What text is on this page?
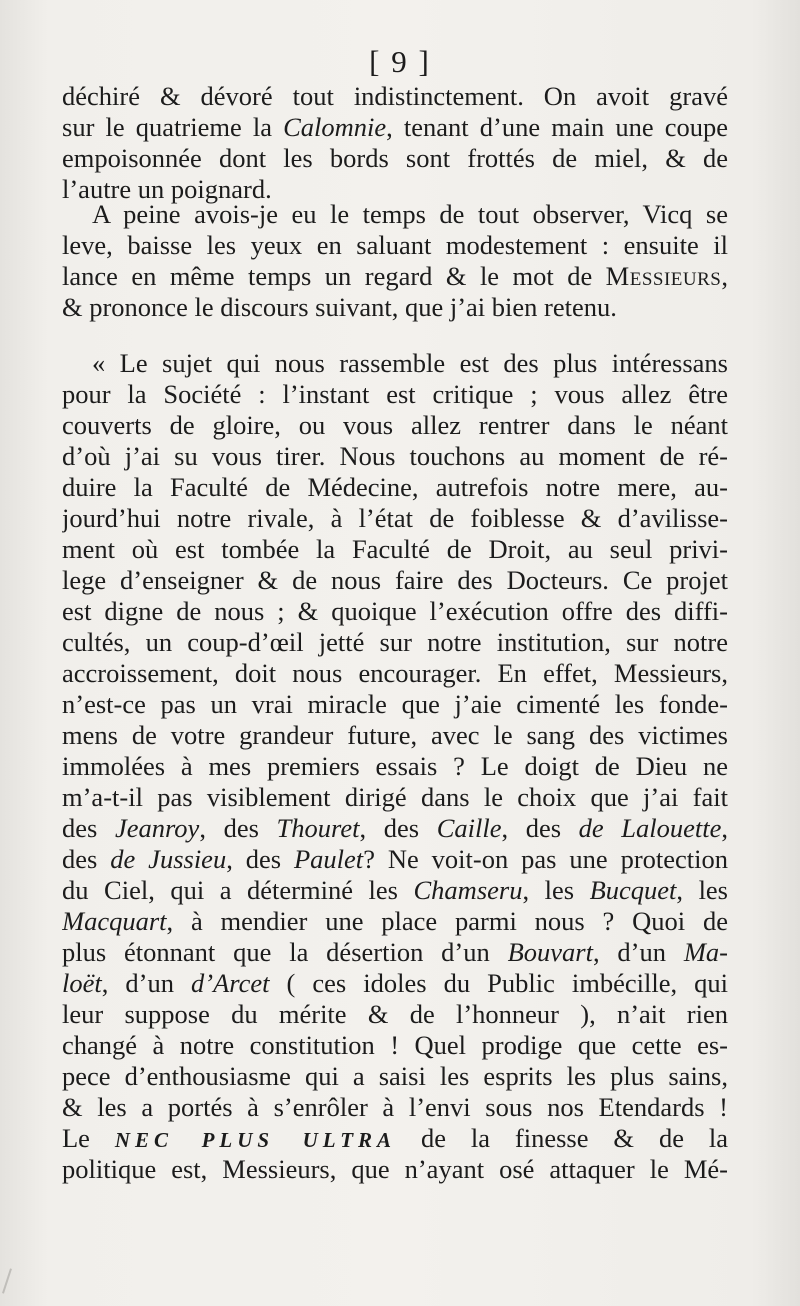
[ 9 ]
déchiré & dévoré tout indistinctement. On avoit gravé
sur le quatrieme la Calomnie, tenant d’une main une coupe
empoisonnée dont les bords sont frottés de miel, & de
l’autre un poignard.
A peine avois-je eu le temps de tout observer, Vicq se
leve, baisse les yeux en saluant modestement : ensuite il
lance en même temps un regard & le mot de Messieurs,
& prononce le discours suivant, que j’ai bien retenu.
« Le sujet qui nous rassemble est des plus intéressans
pour la Société : l’instant est critique ; vous allez être
couverts de gloire, ou vous allez rentrer dans le néant
d’où j’ai su vous tirer. Nous touchons au moment de ré-
duire la Faculté de Médecine, autrefois notre mere, au-
jourd’hui notre rivale, à l’état de foiblesse & d’avilisse-
ment où est tombée la Faculté de Droit, au seul privi-
lege d’enseigner & de nous faire des Docteurs. Ce projet
est digne de nous ; & quoique l’exécution offre des diffi-
cultés, un coup-d’œil jetté sur notre institution, sur notre
accroissement, doit nous encourager. En effet, Messieurs,
n’est-ce pas un vrai miracle que j’aie cimenté les fonde-
mens de votre grandeur future, avec le sang des victimes
immolées à mes premiers essais ? Le doigt de Dieu ne
m’a-t-il pas visiblement dirigé dans le choix que j’ai fait
des Jeanroy, des Thouret, des Caille, des de Lalouette,
des de Jussieu, des Paulet? Ne voit-on pas une protection
du Ciel, qui a déterminé les Chamseru, les Bucquet, les
Macquart, à mendier une place parmi nous ? Quoi de
plus étonnant que la désertion d’un Bouvart, d’un Ma-
loët, d’un d’Arcet ( ces idoles du Public imbécille, qui
leur suppose du mérite & de l’honneur ), n’ait rien
changé à notre constitution ! Quel prodige que cette es-
pece d’enthousiasme qui a saisi les esprits les plus sains,
& les a portés à s’enrôler à l’envi sous nos Etendards !
Le NEC PLUS ULTRA de la finesse & de la
politique est, Messieurs, que n’ayant osé attaquer le Mé-
